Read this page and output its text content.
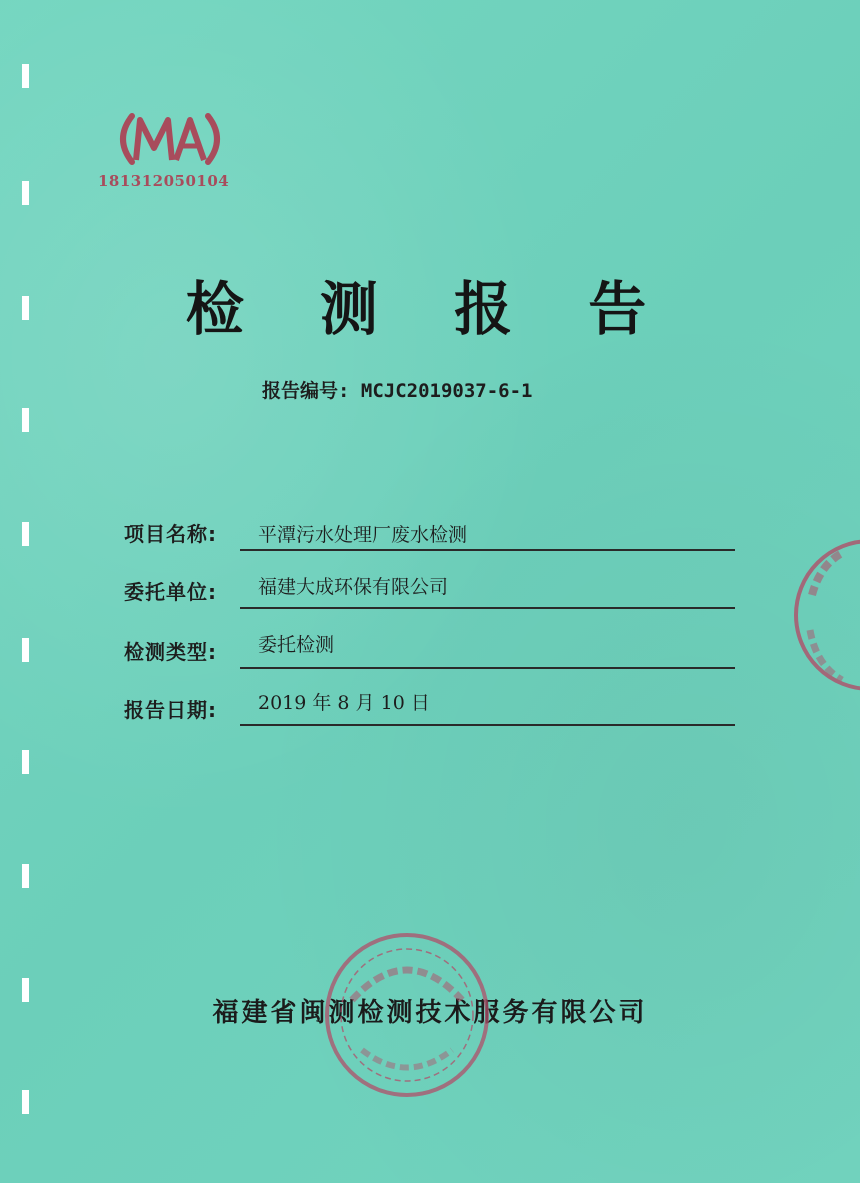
181312050104
检 测 报 告
报告编号: MCJC2019037-6-1
项目名称:	平潭污水处理厂废水检测
委托单位:	福建大成环保有限公司
检测类型:	委托检测
报告日期:	2019 年 8 月 10 日
福建省闽测检测技术服务有限公司
